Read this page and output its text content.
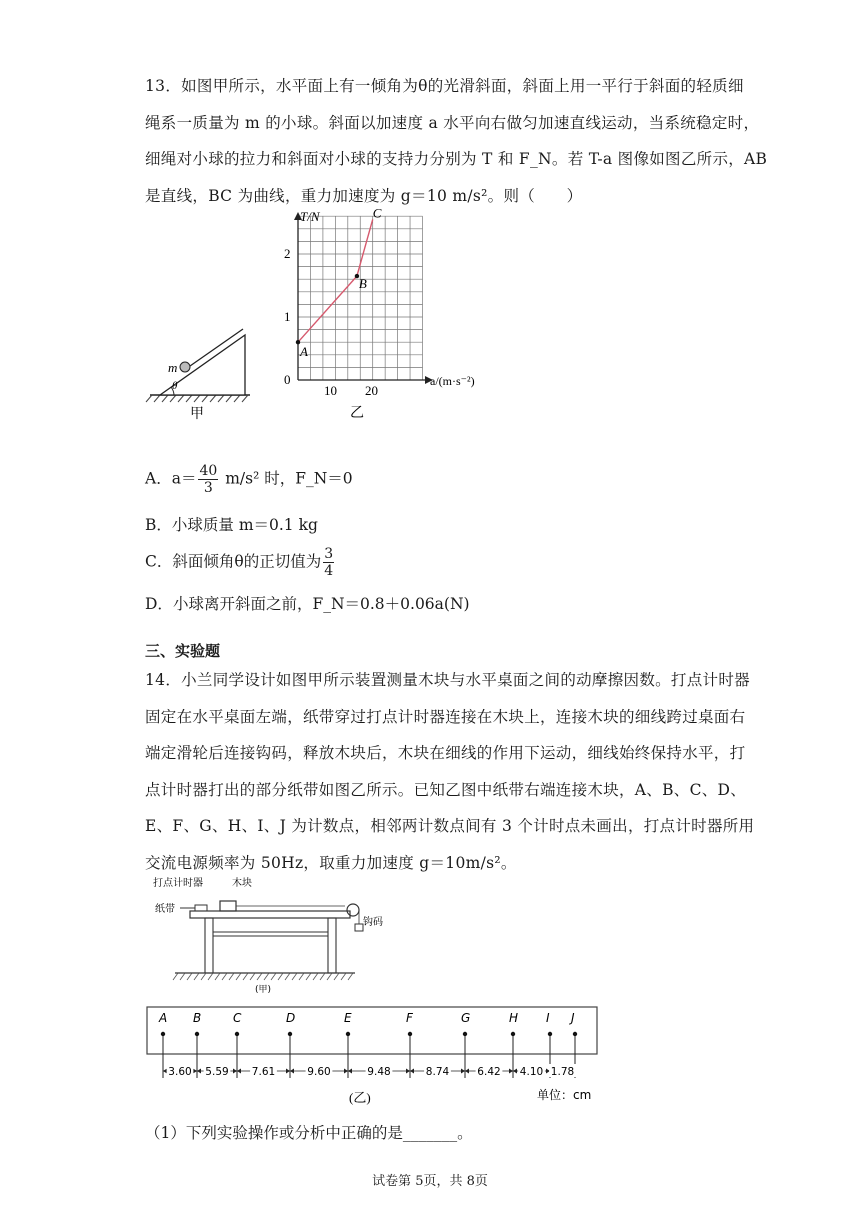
13．如图甲所示，水平面上有一倾角为θ的光滑斜面，斜面上用一平行于斜面的轻质细
绳系一质量为 m 的小球。斜面以加速度 a 水平向右做匀加速直线运动，当系统稳定时，
细绳对小球的拉力和斜面对小球的支持力分别为 T 和 F_N。若 T-a 图像如图乙所示，AB
是直线，BC 为曲线，重力加速度为 g＝10 m/s²。则（　　）
m
θ
甲
A
B
C
T/N
a/(m·s⁻²)
0
1
2
10 20
乙
A．$a= \frac{40}{3} m/s^2$ 时，F_N＝0
B．小球质量 m＝0.1 kg
C．斜面倾角θ的正切值为 $\frac{3}{4}$
D．小球离开斜面之前，F_N＝0.8＋0.06a(N)
三、实验题
14．小兰同学设计如图甲所示装置测量木块与水平桌面之间的动摩擦因数。打点计时器
固定在水平桌面左端，纸带穿过打点计时器连接在木块上，连接木块的细线跨过桌面右
端定滑轮后连接钩码，释放木块后，木块在细线的作用下运动，细线始终保持水平，打
点计时器打出的部分纸带如图乙所示。已知乙图中纸带右端连接木块，A、B、C、D、
E、F、G、H、I、J 为计数点，相邻两计数点间有 3 个计时点未画出，打点计时器所用
交流电源频率为 50Hz，取重力加速度 g＝10m/s²。
打点计时器	木块
纸带
钩码
(甲)
A B	C	D	E	F	G	H I J
3.60 5.59 7.61	9.60	9.48	8.74	6.42 4.10 1.78
(乙)	单位：cm
（1）下列实验操作或分析中正确的是_______。
试卷第 5页，共 8页
